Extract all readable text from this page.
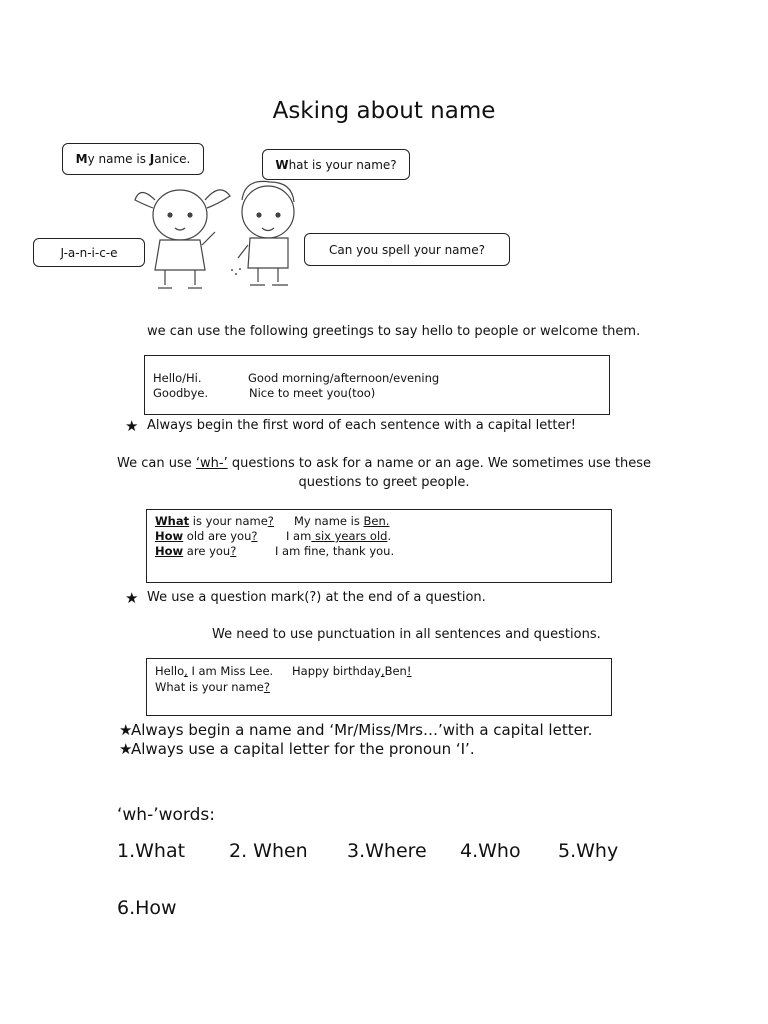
Asking about name
My name is Janice.	What is your name?
J-a-n-i-c-e	Can you spell your name?
we can use the following greetings to say hello to people or welcome them.
Hello/Hi.	Good morning/afternoon/evening
Goodbye.	Nice to meet you(too)
★ Always begin the first word of each sentence with a capital letter!
We can use ‘wh-’ questions to ask for a name or an age. We sometimes use these
questions to greet people.
What is your name? My name is Ben.
How old are you? I am six years old.
How are you?	I am fine, thank you.
★ We use a question mark(?) at the end of a question.
We need to use punctuation in all sentences and questions.
Hello, I am Miss Lee. Happy birthday,Ben!
What is your name?
★
Always begin a name and ‘Mr/Miss/Mrs…’with a capital letter.
★
Always use a capital letter for the pronoun ‘I’.
‘wh-’words:
1.What 2. When 3.Where 4.Who 5.Why
6.How
